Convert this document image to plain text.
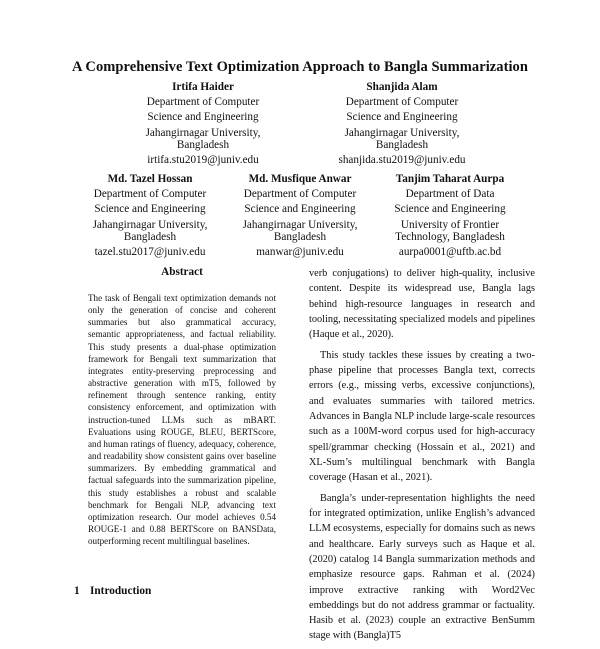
A Comprehensive Text Optimization Approach to Bangla Summarization
Irtifa Haider
Department of Computer
Science and Engineering
Jahangirnagar University,
Bangladesh
irtifa.stu2019@juniv.edu
Shanjida Alam
Department of Computer
Science and Engineering
Jahangirnagar University,
Bangladesh
shanjida.stu2019@juniv.edu
Md. Tazel Hossan
Department of Computer
Science and Engineering
Jahangirnagar University,
Bangladesh
tazel.stu2017@juniv.edu
Md. Musfique Anwar
Department of Computer
Science and Engineering
Jahangirnagar University,
Bangladesh
manwar@juniv.edu
Tanjim Taharat Aurpa
Department of Data
Science and Engineering
University of Frontier
Technology, Bangladesh
aurpa0001@uftb.ac.bd
Abstract

The task of Bengali text optimization demands not only the generation of concise and coherent summaries but also grammatical accuracy, semantic appropriateness, and factual reliability. This study presents a dual-phase optimization framework for Bengali text summarization that integrates entity-preserving preprocessing and abstractive generation with mT5, followed by refinement through sentence ranking, entity consistency enforcement, and optimization with instruction-tuned LLMs such as mBART. Evaluations using ROUGE, BLEU, BERTScore, and human ratings of fluency, adequacy, coherence, and readability show consistent gains over baseline summarizers. By embedding grammatical and factual safeguards into the summarization pipeline, this study establishes a robust and scalable benchmark for Bengali NLP, advancing text optimization research. Our model achieves 0.54 ROUGE-1 and 0.88 BERTScore on BANSData, outperforming recent multilingual baselines.

1 Introduction

verb conjugations) to deliver high-quality, inclusive content. Despite its widespread use, Bangla lags behind high-resource languages in research and tooling, necessitating specialized models and pipelines (Haque et al., 2020).

This study tackles these issues by creating a two-phase pipeline that processes Bangla text, corrects errors (e.g., missing verbs, excessive conjunctions), and evaluates summaries with tailored metrics. Advances in Bangla NLP include large-scale resources such as a 100M-word corpus used for high-accuracy spell/grammar checking (Hossain et al., 2021) and XL-Sum’s multilingual benchmark with Bangla coverage (Hasan et al., 2021).

Bangla’s under-representation highlights the need for integrated optimization, unlike English’s advanced LLM ecosystems, especially for domains such as news and healthcare. Early surveys such as Haque et al. (2020) catalog 14 Bangla summarization methods and emphasize resource gaps. Rahman et al. (2024) improve extractive ranking with Word2Vec embeddings but do not address grammar or factuality. Hasib et al. (2023) couple an extractive BenSumm stage with (Bangla)T5
